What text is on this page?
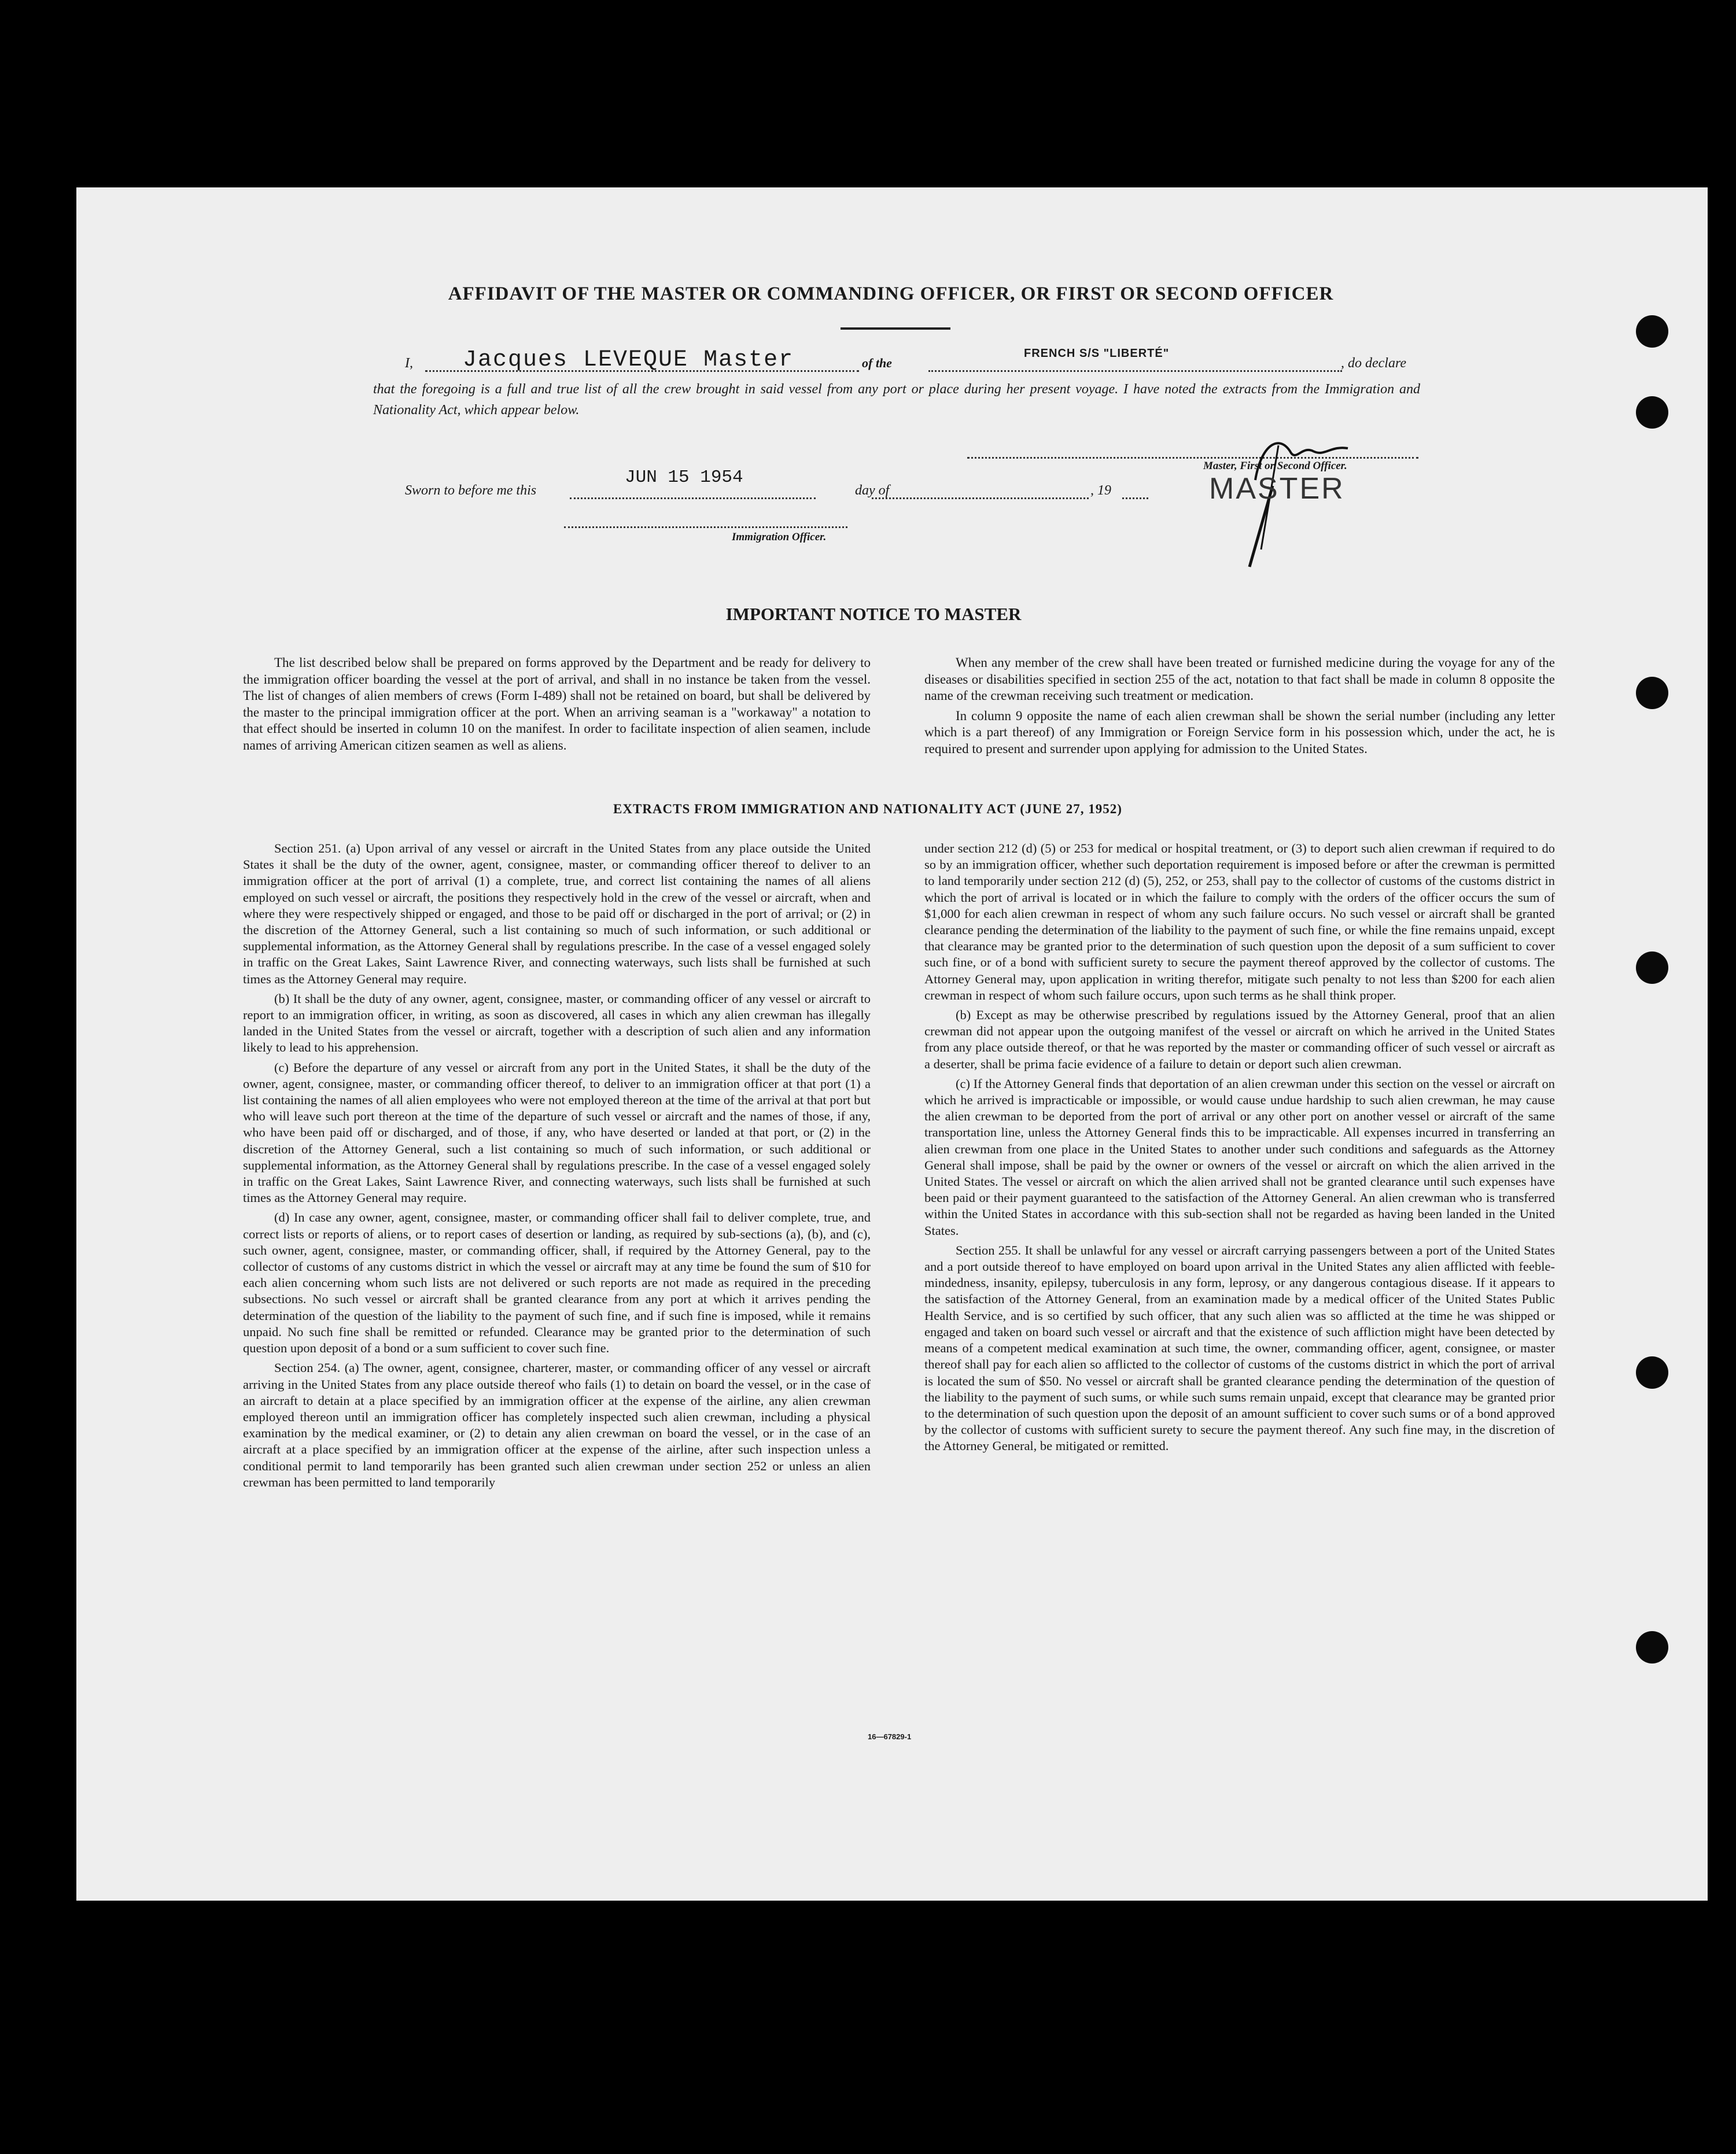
AFFIDAVIT OF THE MASTER OR COMMANDING OFFICER, OR FIRST OR SECOND OFFICER
I, Jacques LEVEQUE Master	of the
FRENCH S/S "LIBERTÉ"
, do declare
that the foregoing is a full and true list of all the crew brought in said vessel from any port or place during her present voyage. I have noted the extracts from the Immigration and Nationality Act, which appear below.
Master, First or Second Officer.
MASTER
Sworn to before me this
JUN 15 1954
day of	, 19
Immigration Officer.
IMPORTANT NOTICE TO MASTER

The list described below shall be prepared on forms approved by the Department and be ready for delivery to the immigration officer boarding the vessel at the port of arrival, and shall in no instance be taken from the vessel. The list of changes of alien members of crews (Form I-489) shall not be retained on board, but shall be delivered by the master to the principal immigration officer at the port. When an arriving seaman is a "workaway" a notation to that effect should be inserted in column 10 on the manifest. In order to facilitate inspection of alien seamen, include names of arriving American citizen seamen as well as aliens.

When any member of the crew shall have been treated or furnished medicine during the voyage for any of the diseases or disabilities specified in section 255 of the act, notation to that fact shall be made in column 8 opposite the name of the crewman receiving such treatment or medication.

In column 9 opposite the name of each alien crewman shall be shown the serial number (including any letter which is a part thereof) of any Immigration or Foreign Service form in his possession which, under the act, he is required to present and surrender upon applying for admission to the United States.

EXTRACTS FROM IMMIGRATION AND NATIONALITY ACT (JUNE 27, 1952)

Section 251. (a) Upon arrival of any vessel or aircraft in the United States from any place outside the United States it shall be the duty of the owner, agent, consignee, master, or commanding officer thereof to deliver to an immigration officer at the port of arrival (1) a complete, true, and correct list containing the names of all aliens employed on such vessel or aircraft, the positions they respectively hold in the crew of the vessel or aircraft, when and where they were respectively shipped or engaged, and those to be paid off or discharged in the port of arrival; or (2) in the discretion of the Attorney General, such a list containing so much of such information, or such additional or supplemental information, as the Attorney General shall by regulations prescribe. In the case of a vessel engaged solely in traffic on the Great Lakes, Saint Lawrence River, and connecting waterways, such lists shall be furnished at such times as the Attorney General may require.

(b) It shall be the duty of any owner, agent, consignee, master, or commanding officer of any vessel or aircraft to report to an immigration officer, in writing, as soon as discovered, all cases in which any alien crewman has illegally landed in the United States from the vessel or aircraft, together with a description of such alien and any information likely to lead to his apprehension.

(c) Before the departure of any vessel or aircraft from any port in the United States, it shall be the duty of the owner, agent, consignee, master, or commanding officer thereof, to deliver to an immigration officer at that port (1) a list containing the names of all alien employees who were not employed thereon at the time of the arrival at that port but who will leave such port thereon at the time of the departure of such vessel or aircraft and the names of those, if any, who have been paid off or discharged, and of those, if any, who have deserted or landed at that port, or (2) in the discretion of the Attorney General, such a list containing so much of such information, or such additional or supplemental information, as the Attorney General shall by regulations prescribe. In the case of a vessel engaged solely in traffic on the Great Lakes, Saint Lawrence River, and connecting waterways, such lists shall be furnished at such times as the Attorney General may require.

(d) In case any owner, agent, consignee, master, or commanding officer shall fail to deliver complete, true, and correct lists or reports of aliens, or to report cases of desertion or landing, as required by sub-sections (a), (b), and (c), such owner, agent, consignee, master, or commanding officer, shall, if required by the Attorney General, pay to the collector of customs of any customs district in which the vessel or aircraft may at any time be found the sum of $10 for each alien concerning whom such lists are not delivered or such reports are not made as required in the preceding subsections. No such vessel or aircraft shall be granted clearance from any port at which it arrives pending the determination of the question of the liability to the payment of such fine, and if such fine is imposed, while it remains unpaid. No such fine shall be remitted or refunded. Clearance may be granted prior to the determination of such question upon deposit of a bond or a sum sufficient to cover such fine.

Section 254. (a) The owner, agent, consignee, charterer, master, or commanding officer of any vessel or aircraft arriving in the United States from any place outside thereof who fails (1) to detain on board the vessel, or in the case of an aircraft to detain at a place specified by an immigration officer at the expense of the airline, any alien crewman employed thereon until an immigration officer has completely inspected such alien crewman, including a physical examination by the medical examiner, or (2) to detain any alien crewman on board the vessel, or in the case of an aircraft at a place specified by an immigration officer at the expense of the airline, after such inspection unless a conditional permit to land temporarily has been granted such alien crewman under section 252 or unless an alien crewman has been permitted to land temporarily

under section 212 (d) (5) or 253 for medical or hospital treatment, or (3) to deport such alien crewman if required to do so by an immigration officer, whether such deportation requirement is imposed before or after the crewman is permitted to land temporarily under section 212 (d) (5), 252, or 253, shall pay to the collector of customs of the customs district in which the port of arrival is located or in which the failure to comply with the orders of the officer occurs the sum of $1,000 for each alien crewman in respect of whom any such failure occurs. No such vessel or aircraft shall be granted clearance pending the determination of the liability to the payment of such fine, or while the fine remains unpaid, except that clearance may be granted prior to the determination of such question upon the deposit of a sum sufficient to cover such fine, or of a bond with sufficient surety to secure the payment thereof approved by the collector of customs. The Attorney General may, upon application in writing therefor, mitigate such penalty to not less than $200 for each alien crewman in respect of whom such failure occurs, upon such terms as he shall think proper.

(b) Except as may be otherwise prescribed by regulations issued by the Attorney General, proof that an alien crewman did not appear upon the outgoing manifest of the vessel or aircraft on which he arrived in the United States from any place outside thereof, or that he was reported by the master or commanding officer of such vessel or aircraft as a deserter, shall be prima facie evidence of a failure to detain or deport such alien crewman.

(c) If the Attorney General finds that deportation of an alien crewman under this section on the vessel or aircraft on which he arrived is impracticable or impossible, or would cause undue hardship to such alien crewman, he may cause the alien crewman to be deported from the port of arrival or any other port on another vessel or aircraft of the same transportation line, unless the Attorney General finds this to be impracticable. All expenses incurred in transferring an alien crewman from one place in the United States to another under such conditions and safeguards as the Attorney General shall impose, shall be paid by the owner or owners of the vessel or aircraft on which the alien arrived in the United States. The vessel or aircraft on which the alien arrived shall not be granted clearance until such expenses have been paid or their payment guaranteed to the satisfaction of the Attorney General. An alien crewman who is transferred within the United States in accordance with this sub-section shall not be regarded as having been landed in the United States.

Section 255. It shall be unlawful for any vessel or aircraft carrying passengers between a port of the United States and a port outside thereof to have employed on board upon arrival in the United States any alien afflicted with feeble-mindedness, insanity, epilepsy, tuberculosis in any form, leprosy, or any dangerous contagious disease. If it appears to the satisfaction of the Attorney General, from an examination made by a medical officer of the United States Public Health Service, and is so certified by such officer, that any such alien was so afflicted at the time he was shipped or engaged and taken on board such vessel or aircraft and that the existence of such affliction might have been detected by means of a competent medical examination at such time, the owner, commanding officer, agent, consignee, or master thereof shall pay for each alien so afflicted to the collector of customs of the customs district in which the port of arrival is located the sum of $50. No vessel or aircraft shall be granted clearance pending the determination of the question of the liability to the payment of such sums, or while such sums remain unpaid, except that clearance may be granted prior to the determination of such question upon the deposit of an amount sufficient to cover such sums or of a bond approved by the collector of customs with sufficient surety to secure the payment thereof. Any such fine may, in the discretion of the Attorney General, be mitigated or remitted.

16—67829-1
